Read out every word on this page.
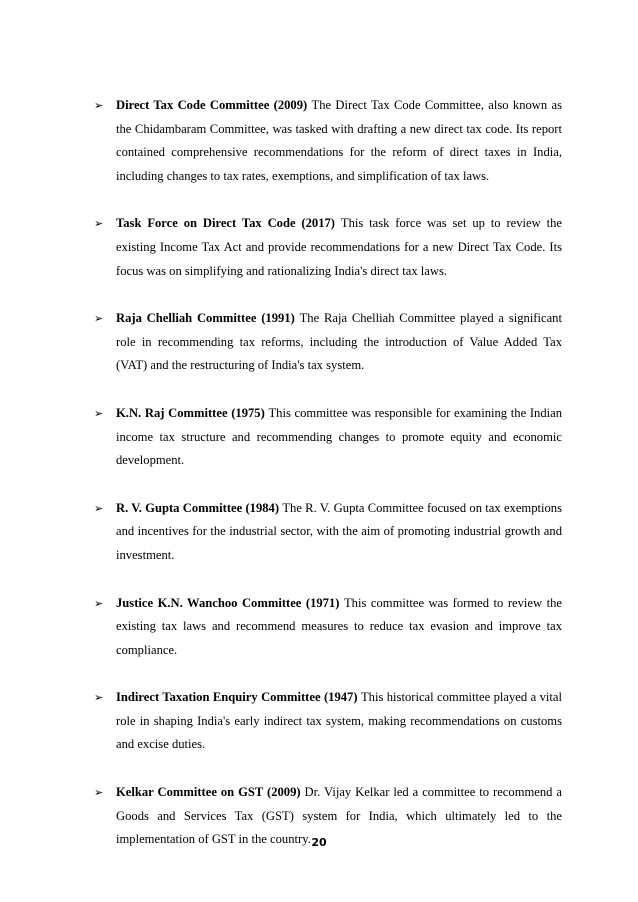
➢ Direct Tax Code Committee (2009) The Direct Tax Code Committee, also known as the Chidambaram Committee, was tasked with drafting a new direct tax code. Its report contained comprehensive recommendations for the reform of direct taxes in India, including changes to tax rates, exemptions, and simplification of tax laws.
➢ Task Force on Direct Tax Code (2017) This task force was set up to review the existing Income Tax Act and provide recommendations for a new Direct Tax Code. Its focus was on simplifying and rationalizing India's direct tax laws.
➢ Raja Chelliah Committee (1991) The Raja Chelliah Committee played a significant role in recommending tax reforms, including the introduction of Value Added Tax (VAT) and the restructuring of India's tax system.
➢ K.N. Raj Committee (1975) This committee was responsible for examining the Indian income tax structure and recommending changes to promote equity and economic development.
➢ R. V. Gupta Committee (1984) The R. V. Gupta Committee focused on tax exemptions and incentives for the industrial sector, with the aim of promoting industrial growth and investment.
➢ Justice K.N. Wanchoo Committee (1971) This committee was formed to review the existing tax laws and recommend measures to reduce tax evasion and improve tax compliance.
➢ Indirect Taxation Enquiry Committee (1947) This historical committee played a vital role in shaping India's early indirect tax system, making recommendations on customs and excise duties.
➢ Kelkar Committee on GST (2009) Dr. Vijay Kelkar led a committee to recommend a Goods and Services Tax (GST) system for India, which ultimately led to the implementation of GST in the country. 20
